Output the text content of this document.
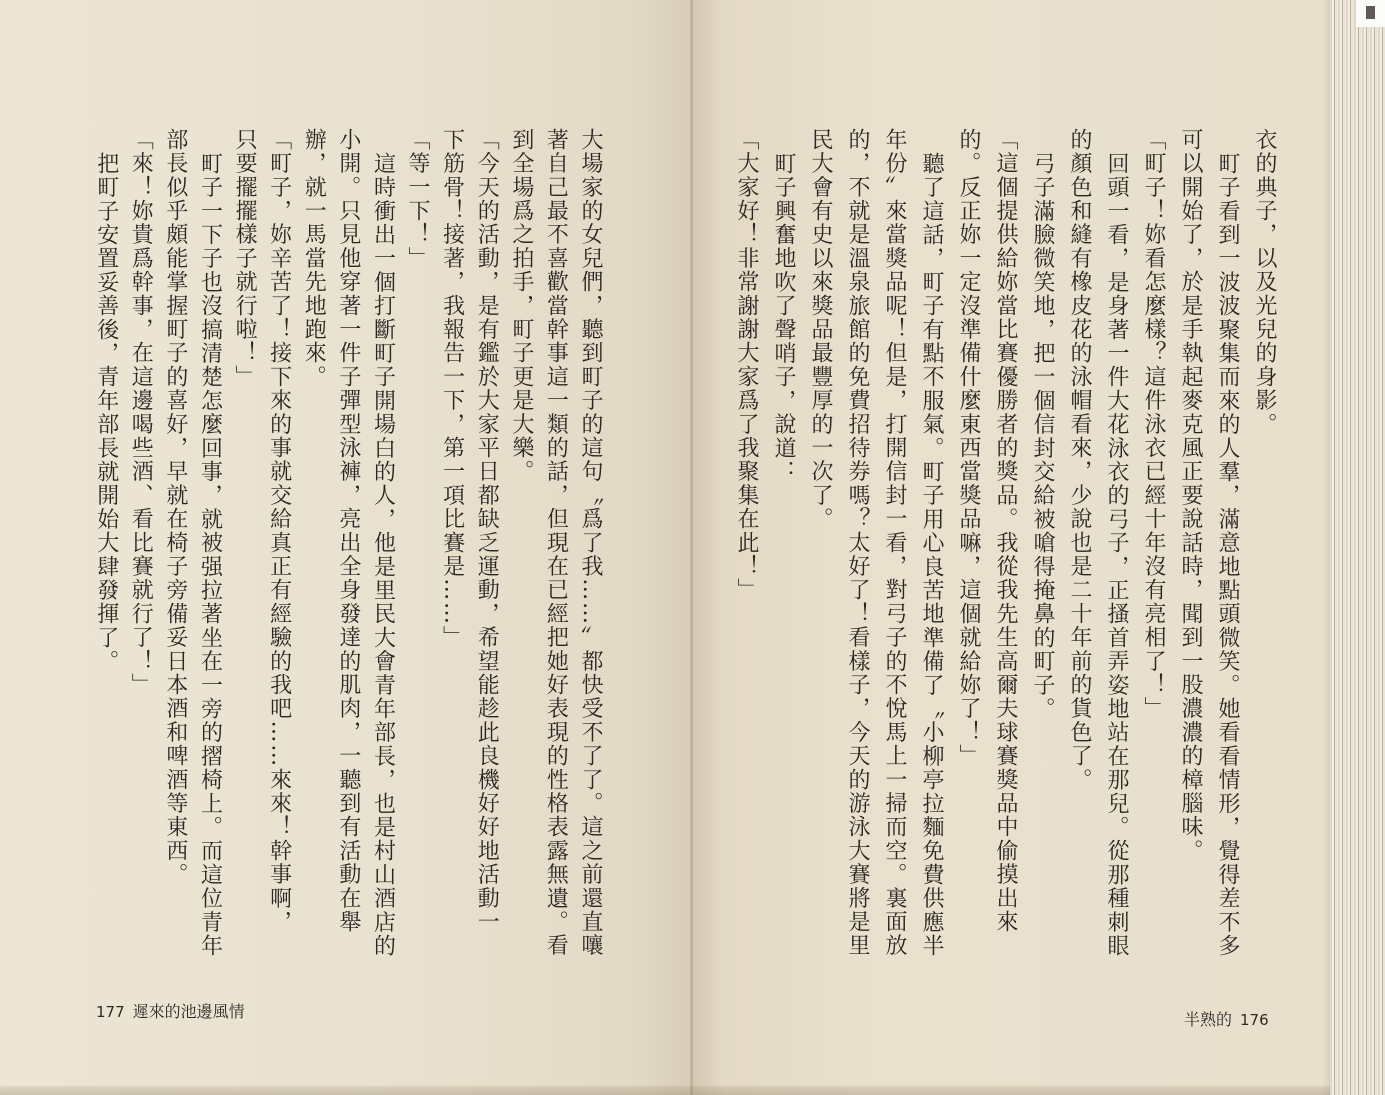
大場家的女兒們，聽到町子的這句〝爲了我……〞都快受不了了。這之前還直嚷
著自己最不喜歡當幹事這一類的話，但現在已經把她好表現的性格表露無遺。看
到全場爲之拍手，町子更是大樂。
「今天的活動，是有鑑於大家平日都缺乏運動，希望能趁此良機好好地活動一
下筋骨！接著，我報告一下，第一項比賽是……」
「等一下！」
這時衝出一個打斷町子開場白的人，他是里民大會青年部長，也是村山酒店的
小開。只見他穿著一件子彈型泳褲，亮出全身發達的肌肉，一聽到有活動在舉
辦，就一馬當先地跑來。
「町子，妳辛苦了！接下來的事就交給真正有經驗的我吧……來來！幹事啊，
只要擺擺樣子就行啦！」
町子一下子也沒搞清楚怎麼回事，就被强拉著坐在一旁的摺椅上。而這位青年
部長似乎頗能掌握町子的喜好，早就在椅子旁備妥日本酒和啤酒等東西。
「來！妳貴爲幹事，在這邊喝些酒、看比賽就行了！」
把町子安置妥善後，青年部長就開始大肆發揮了。	衣的典子，以及光兒的身影。
町子看到一波波聚集而來的人羣，滿意地點頭微笑。她看看情形，覺得差不多
可以開始了，於是手執起麥克風正要說話時，聞到一股濃濃的樟腦味。
「町子！妳看怎麼樣？這件泳衣已經十年沒有亮相了！」
回頭一看，是身著一件大花泳衣的弓子，正搔首弄姿地站在那兒。從那種刺眼
的顏色和縫有橡皮花的泳帽看來，少說也是二十年前的貨色了。
弓子滿臉微笑地，把一個信封交給被嗆得掩鼻的町子。
「這個提供給妳當比賽優勝者的獎品。我從我先生高爾夫球賽獎品中偷摸出來
的。反正妳一定沒準備什麼東西當獎品嘛，這個就給妳了！」
聽了這話，町子有點不服氣。町子用心良苦地準備了〝小柳亭拉麵免費供應半
年份〞來當獎品呢！但是，打開信封一看，對弓子的不悅馬上一掃而空。裏面放
的，不就是溫泉旅館的免費招待券嗎？太好了！看樣子，今天的游泳大賽將是里
民大會有史以來獎品最豐厚的一次了。
町子興奮地吹了聲哨子，說道：
「大家好！非常謝謝大家爲了我聚集在此！」
177 遲來的池邊風情	半熟的 176
